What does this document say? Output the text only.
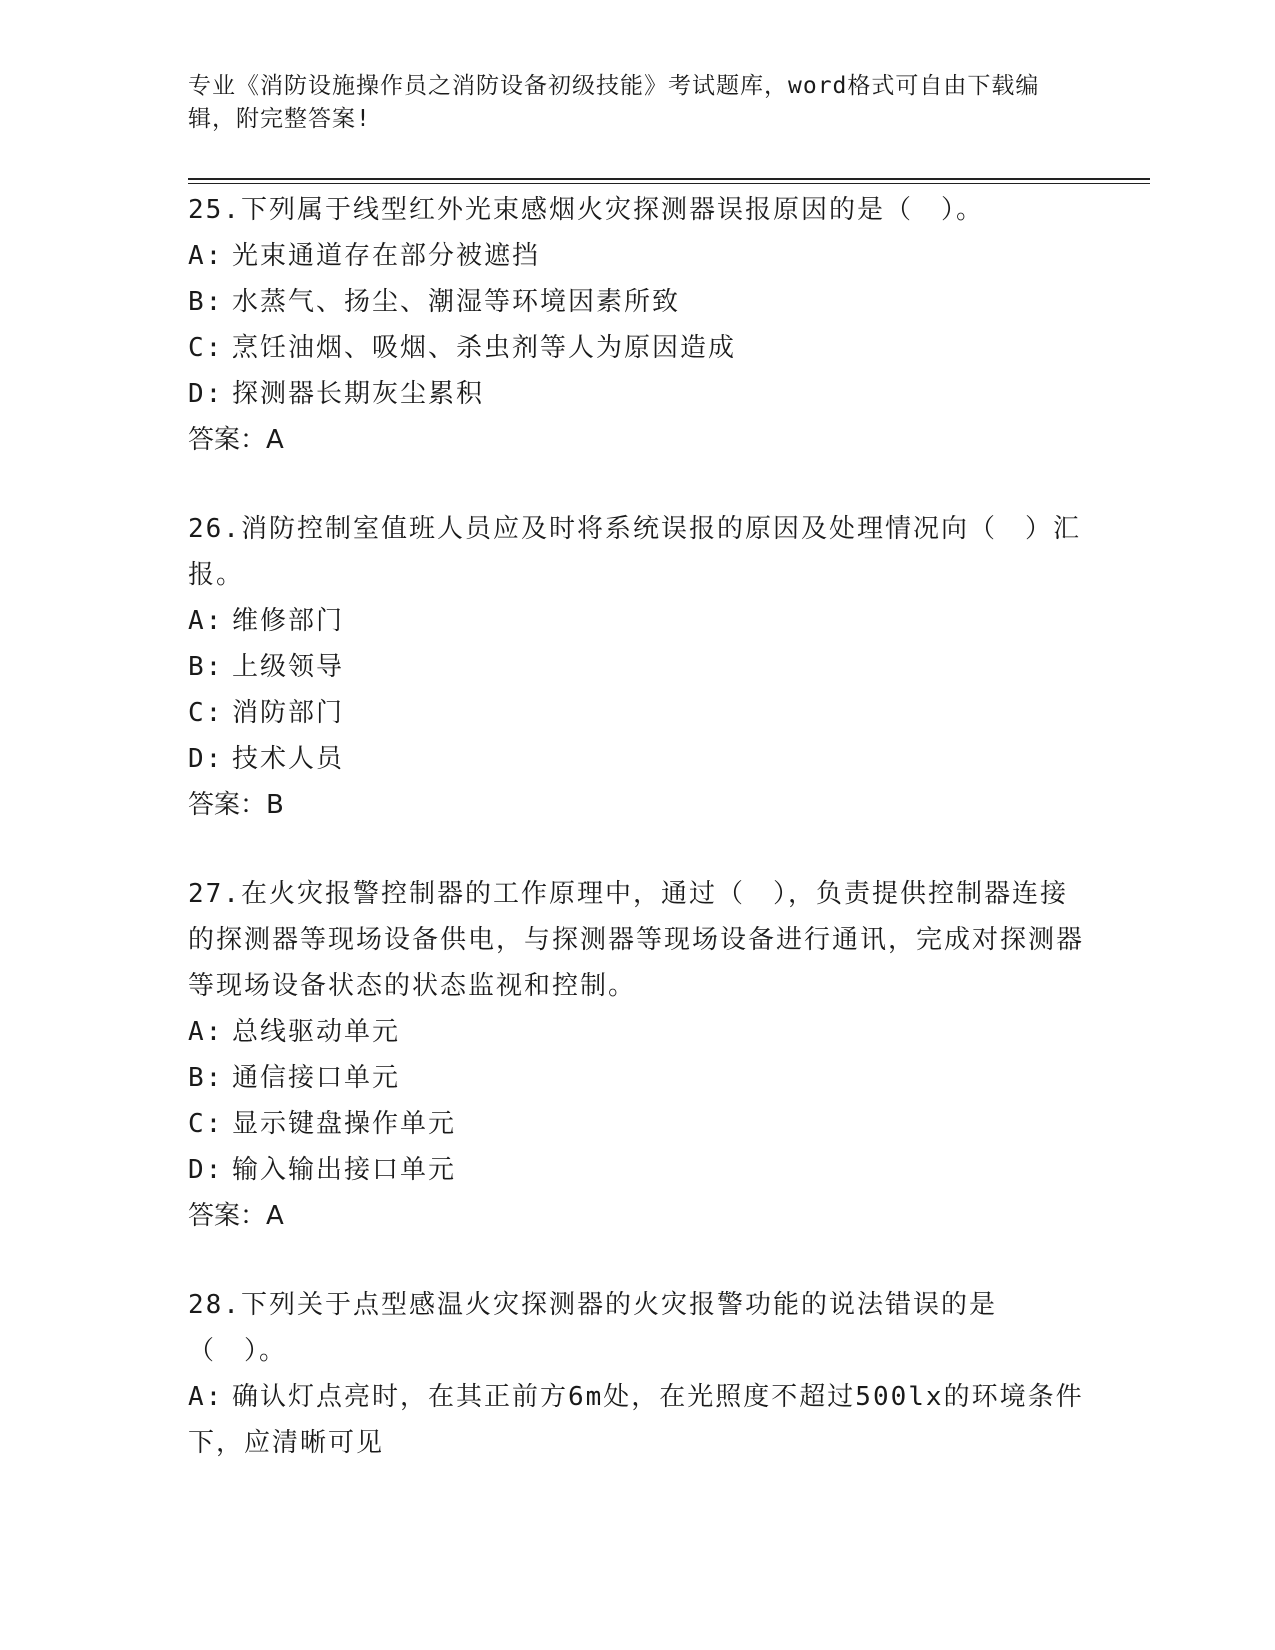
专业《消防设施操作员之消防设备初级技能》考试题库，word格式可自由下载编辑，附完整答案!

25.下列属于线型红外光束感烟火灾探测器误报原因的是（　）。

A: 光束通道存在部分被遮挡

B: 水蒸气、扬尘、潮湿等环境因素所致

C: 烹饪油烟、吸烟、杀虫剂等人为原因造成

D: 探测器长期灰尘累积

答案：A

26.消防控制室值班人员应及时将系统误报的原因及处理情况向（　）汇报。

A: 维修部门

B: 上级领导

C: 消防部门

D: 技术人员

答案：B

27.在火灾报警控制器的工作原理中，通过（　），负责提供控制器连接的探测器等现场设备供电，与探测器等现场设备进行通讯，完成对探测器等现场设备状态的状态监视和控制。

A: 总线驱动单元

B: 通信接口单元

C: 显示键盘操作单元

D: 输入输出接口单元

答案：A

28.下列关于点型感温火灾探测器的火灾报警功能的说法错误的是（　）。

A: 确认灯点亮时，在其正前方6m处，在光照度不超过500lx的环境条件下，应清晰可见
